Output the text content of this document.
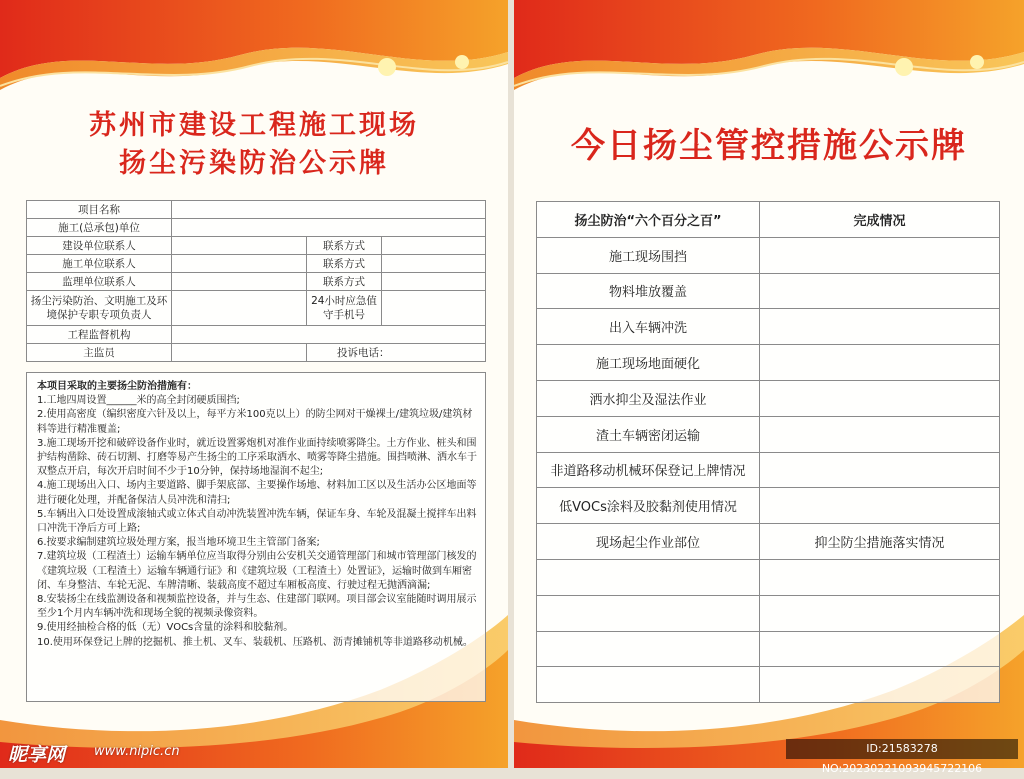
苏州市建设工程施工现场
扬尘污染防治公示牌
项目名称			
施工(总承包)单位			
建设单位联系人		联系方式	
施工单位联系人		联系方式	
监理单位联系人		联系方式	
扬尘污染防治、文明施工及环境保护专职专项负责人		24小时应急值守手机号	
工程监督机构			
主监员		投诉电话：	
本项目采取的主要扬尘防治措施有：
1.工地四周设置______米的高全封闭硬质围挡;
2.使用高密度（编织密度六针及以上，每平方米100克以上）的防尘网对干燥裸土/建筑垃圾/建筑材料等进行精准覆盖;
3.施工现场开挖和破碎设备作业时，就近设置雾炮机对准作业面持续喷雾降尘。土方作业、桩头和围护结构凿除、砖石切割、打磨等易产生扬尘的工序采取洒水、喷雾等降尘措施。围挡喷淋、洒水车于双整点开启，每次开启时间不少于10分钟，保持场地湿润不起尘;
4.施工现场出入口、场内主要道路、脚手架底部、主要操作场地、材料加工区以及生活办公区地面等进行硬化处理，并配备保洁人员冲洗和清扫;
5.车辆出入口处设置成滚轴式或立体式自动冲洗装置冲洗车辆，保证车身、车轮及混凝土搅拌车出料口冲洗干净后方可上路;
6.按要求编制建筑垃圾处理方案，报当地环境卫生主管部门备案;
7.建筑垃圾（工程渣土）运输车辆单位应当取得分别由公安机关交通管理部门和城市管理部门核发的《建筑垃圾（工程渣土）运输车辆通行证》和《建筑垃圾（工程渣土）处置证》，运输时做到车厢密闭、车身整洁、车轮无泥、车牌清晰、装载高度不超过车厢板高度、行驶过程无抛洒滴漏;
8.安装扬尘在线监测设备和视频监控设备，并与生态、住建部门联网。项目部会议室能随时调用展示至少1个月内车辆冲洗和现场全貌的视频录像资料。
9.使用经抽检合格的低（无）VOCs含量的涂料和胶黏剂。
10.使用环保登记上牌的挖掘机、推土机、叉车、装载机、压路机、沥青摊铺机等非道路移动机械。
今日扬尘管控措施公示牌
扬尘防治“六个百分之百”	完成情况
施工现场围挡	
物料堆放覆盖	
出入车辆冲洗	
施工现场地面硬化	
洒水抑尘及湿法作业	
渣土车辆密闭运输	
非道路移动机械环保登记上牌情况	
低VOCs涂料及胶黏剂使用情况	
现场起尘作业部位	抑尘防尘措施落实情况

昵享网 www.nipic.cn	ID:21583278 NO:20230221093945722106
